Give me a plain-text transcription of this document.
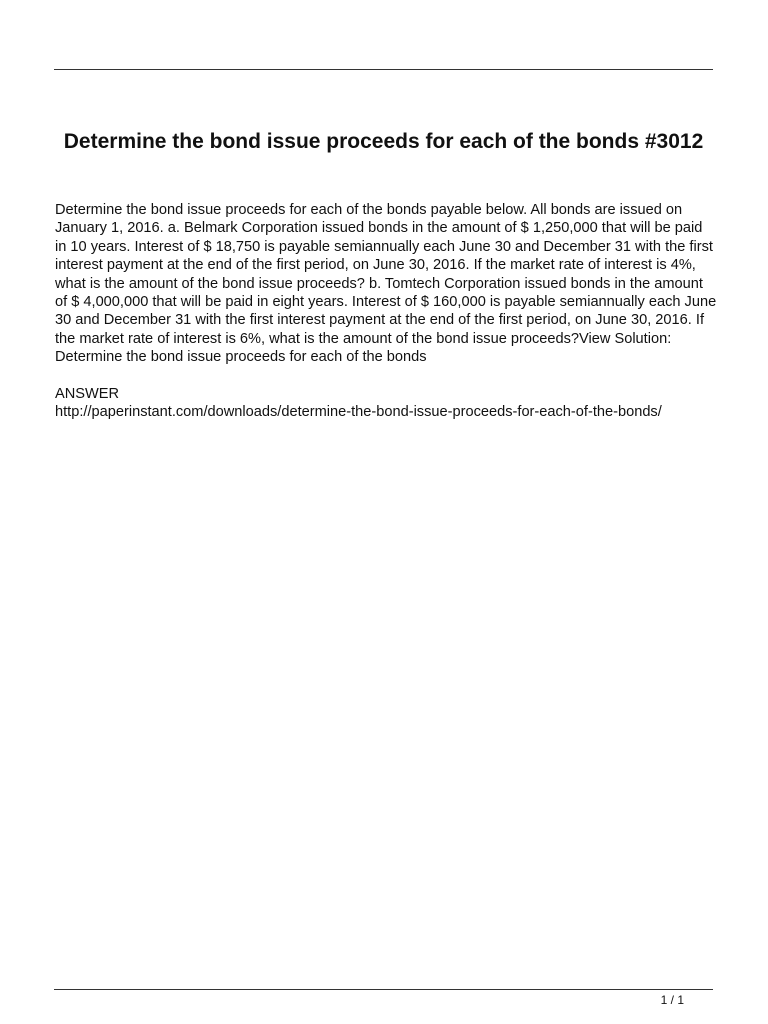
Determine the bond issue proceeds for each of the bonds #3012

Determine the bond issue proceeds for each of the bonds payable below. All bonds are issued on January 1, 2016. a. Belmark Corporation issued bonds in the amount of $ 1,250,000 that will be paid in 10 years. Interest of $ 18,750 is payable semiannually each June 30 and December 31 with the first interest payment at the end of the first period, on June 30, 2016. If the market rate of interest is 4%, what is the amount of the bond issue proceeds? b. Tomtech Corporation issued bonds in the amount of $ 4,000,000 that will be paid in eight years. Interest of $ 160,000 is payable semiannually each June 30 and December 31 with the first interest payment at the end of the first period, on June 30, 2016. If the market rate of interest is 6%, what is the amount of the bond issue proceeds?View Solution:

Determine the bond issue proceeds for each of the bonds

ANSWER

http://paperinstant.com/downloads/determine-the-bond-issue-proceeds-for-each-of-the-bonds/

1 / 1
